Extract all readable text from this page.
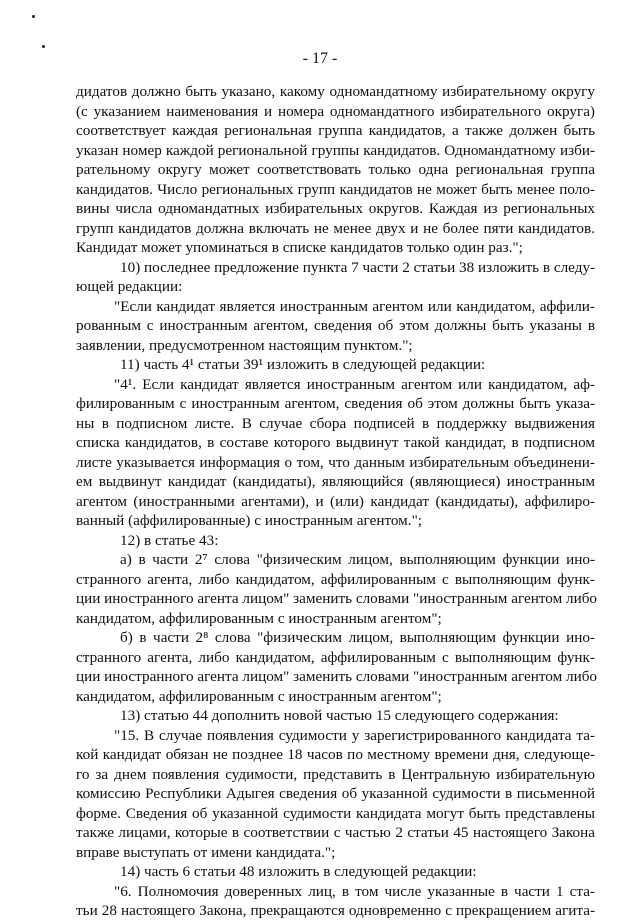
- 17 -
дидатов должно быть указано, какому одномандатному избирательному округу
(с указанием наименования и номера одномандатного избирательного округа)
соответствует каждая региональная группа кандидатов, а также должен быть
указан номер каждой региональной группы кандидатов. Одномандатному изби-
рательному округу может соответствовать только одна региональная группа
кандидатов. Число региональных групп кандидатов не может быть менее поло-
вины числа одномандатных избирательных округов. Каждая из региональных
групп кандидатов должна включать не менее двух и не более пяти кандидатов.
Кандидат может упоминаться в списке кандидатов только один раз.";
10) последнее предложение пункта 7 части 2 статьи 38 изложить в следу-
ющей редакции:
"Если кандидат является иностранным агентом или кандидатом, аффили-
рованным с иностранным агентом, сведения об этом должны быть указаны в
заявлении, предусмотренном настоящим пунктом.";
11) часть 4¹ статьи 39¹ изложить в следующей редакции:
"4¹. Если кандидат является иностранным агентом или кандидатом, аф-
филированным с иностранным агентом, сведения об этом должны быть указа-
ны в подписном листе. В случае сбора подписей в поддержку выдвижения
списка кандидатов, в составе которого выдвинут такой кандидат, в подписном
листе указывается информация о том, что данным избирательным объединени-
ем выдвинут кандидат (кандидаты), являющийся (являющиеся) иностранным
агентом (иностранными агентами), и (или) кандидат (кандидаты), аффилиро-
ванный (аффилированные) с иностранным агентом.";
12) в статье 43:
а) в части 2⁷ слова "физическим лицом, выполняющим функции ино-
странного агента, либо кандидатом, аффилированным с выполняющим функ-
ции иностранного агента лицом" заменить словами "иностранным агентом либо
кандидатом, аффилированным с иностранным агентом";
б) в части 2⁸ слова "физическим лицом, выполняющим функции ино-
странного агента, либо кандидатом, аффилированным с выполняющим функ-
ции иностранного агента лицом" заменить словами "иностранным агентом либо
кандидатом, аффилированным с иностранным агентом";
13) статью 44 дополнить новой частью 15 следующего содержания:
"15. В случае появления судимости у зарегистрированного кандидата та-
кой кандидат обязан не позднее 18 часов по местному времени дня, следующе-
го за днем появления судимости, представить в Центральную избирательную
комиссию Республики Адыгея сведения об указанной судимости в письменной
форме. Сведения об указанной судимости кандидата могут быть представлены
также лицами, которые в соответствии с частью 2 статьи 45 настоящего Закона
вправе выступать от имени кандидата.";
14) часть 6 статьи 48 изложить в следующей редакции:
"6. Полномочия доверенных лиц, в том числе указанные в части 1 ста-
тьи 28 настоящего Закона, прекращаются одновременно с прекращением агита-
